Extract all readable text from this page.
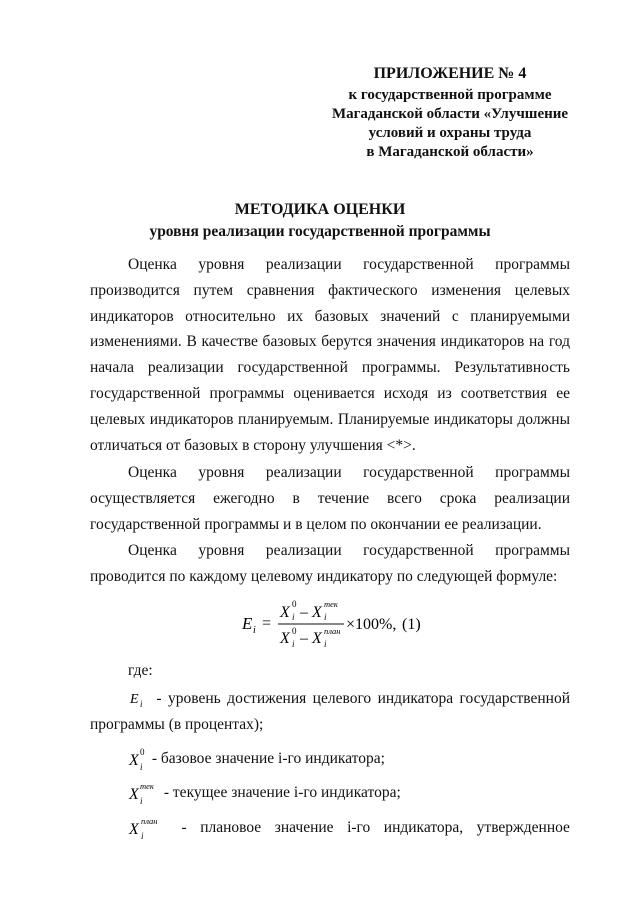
ПРИЛОЖЕНИЕ № 4
к государственной программе
Магаданской области «Улучшение
условий и охраны труда
в Магаданской области»
МЕТОДИКА ОЦЕНКИ
уровня реализации государственной программы

Оценка уровня реализации государственной программы производится путем сравнения фактического изменения целевых индикаторов относительно их базовых значений с планируемыми изменениями. В качестве базовых берутся значения индикаторов на год начала реализации государственной программы. Результативность государственной программы оценивается исходя из соответствия ее целевых индикаторов планируемым. Планируемые индикаторы должны отличаться от базовых в сторону улучшения <*>.

Оценка уровня реализации государственной программы осуществляется ежегодно в течение всего срока реализации государственной программы и в целом по окончании ее реализации.

Оценка уровня реализации государственной программы проводится по каждому целевому индикатору по следующей формуле:

E i =
X 0
i – X тек
i
X 0
i – X план
i
×100%, (1)
где:
E i - уровень достижения целевого индикатора государственной программы (в процентах);
X 0
i
- базовое значение i-го индикатора;
X тек
i
- текущее значение i-го индикатора;
X план
i - плановое значение i-го индикатора, утвержденное
